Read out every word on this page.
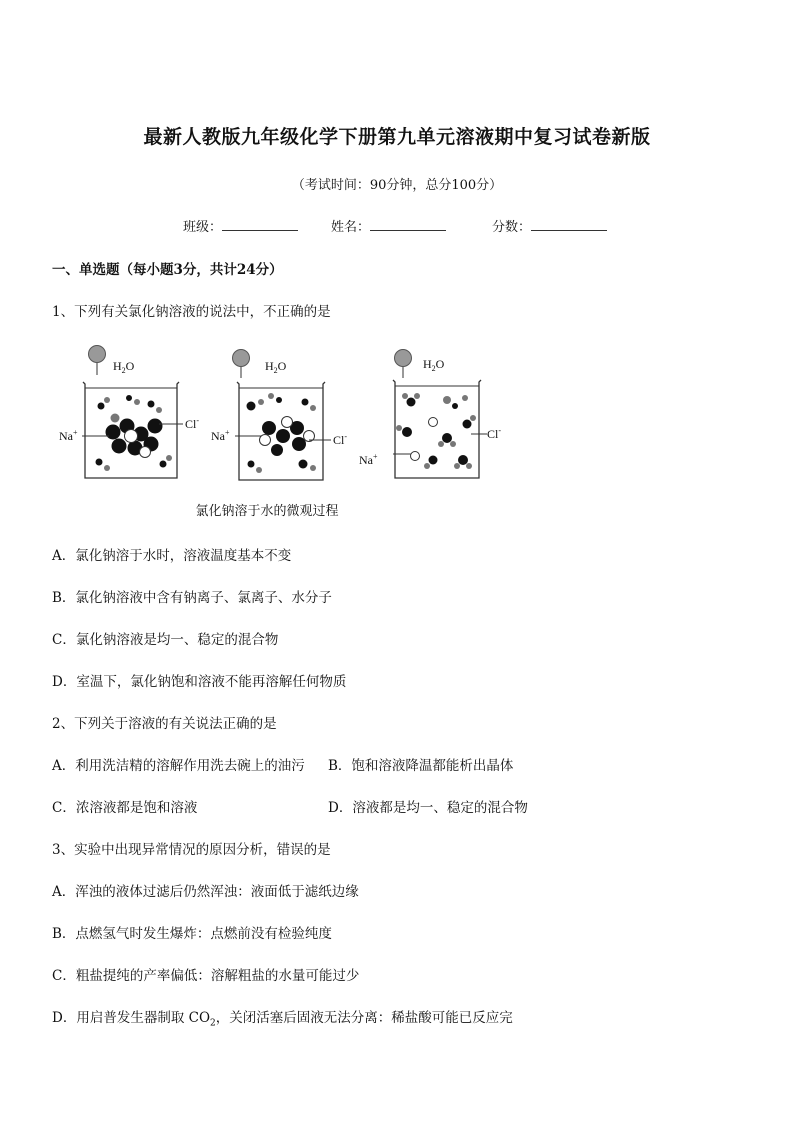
最新人教版九年级化学下册第九单元溶液期中复习试卷新版
（考试时间：90分钟，总分100分）
班级：	姓名：	分数：
一、单选题（每小题3分，共计24分）
1、下列有关氯化钠溶液的说法中，不正确的是
$H_2O$
Na+
Cl-
$H_2O$
Na+
Cl-
$H_2O$
Na+
Cl-
氯化钠溶于水的微观过程
A．氯化钠溶于水时，溶液温度基本不变
B．氯化钠溶液中含有钠离子、氯离子、水分子
C．氯化钠溶液是均一、稳定的混合物
D．室温下，氯化钠饱和溶液不能再溶解任何物质
2、下列关于溶液的有关说法正确的是
A．利用洗洁精的溶解作用洗去碗上的油污 B．饱和溶液降温都能析出晶体
C．浓溶液都是饱和溶液	D．溶液都是均一、稳定的混合物
3、实验中出现异常情况的原因分析，错误的是
A．浑浊的液体过滤后仍然浑浊：液面低于滤纸边缘
B．点燃氢气时发生爆炸：点燃前没有检验纯度
C．粗盐提纯的产率偏低：溶解粗盐的水量可能过少
D．用启普发生器制取 $CO_2$，关闭活塞后固液无法分离：稀盐酸可能已反应完
